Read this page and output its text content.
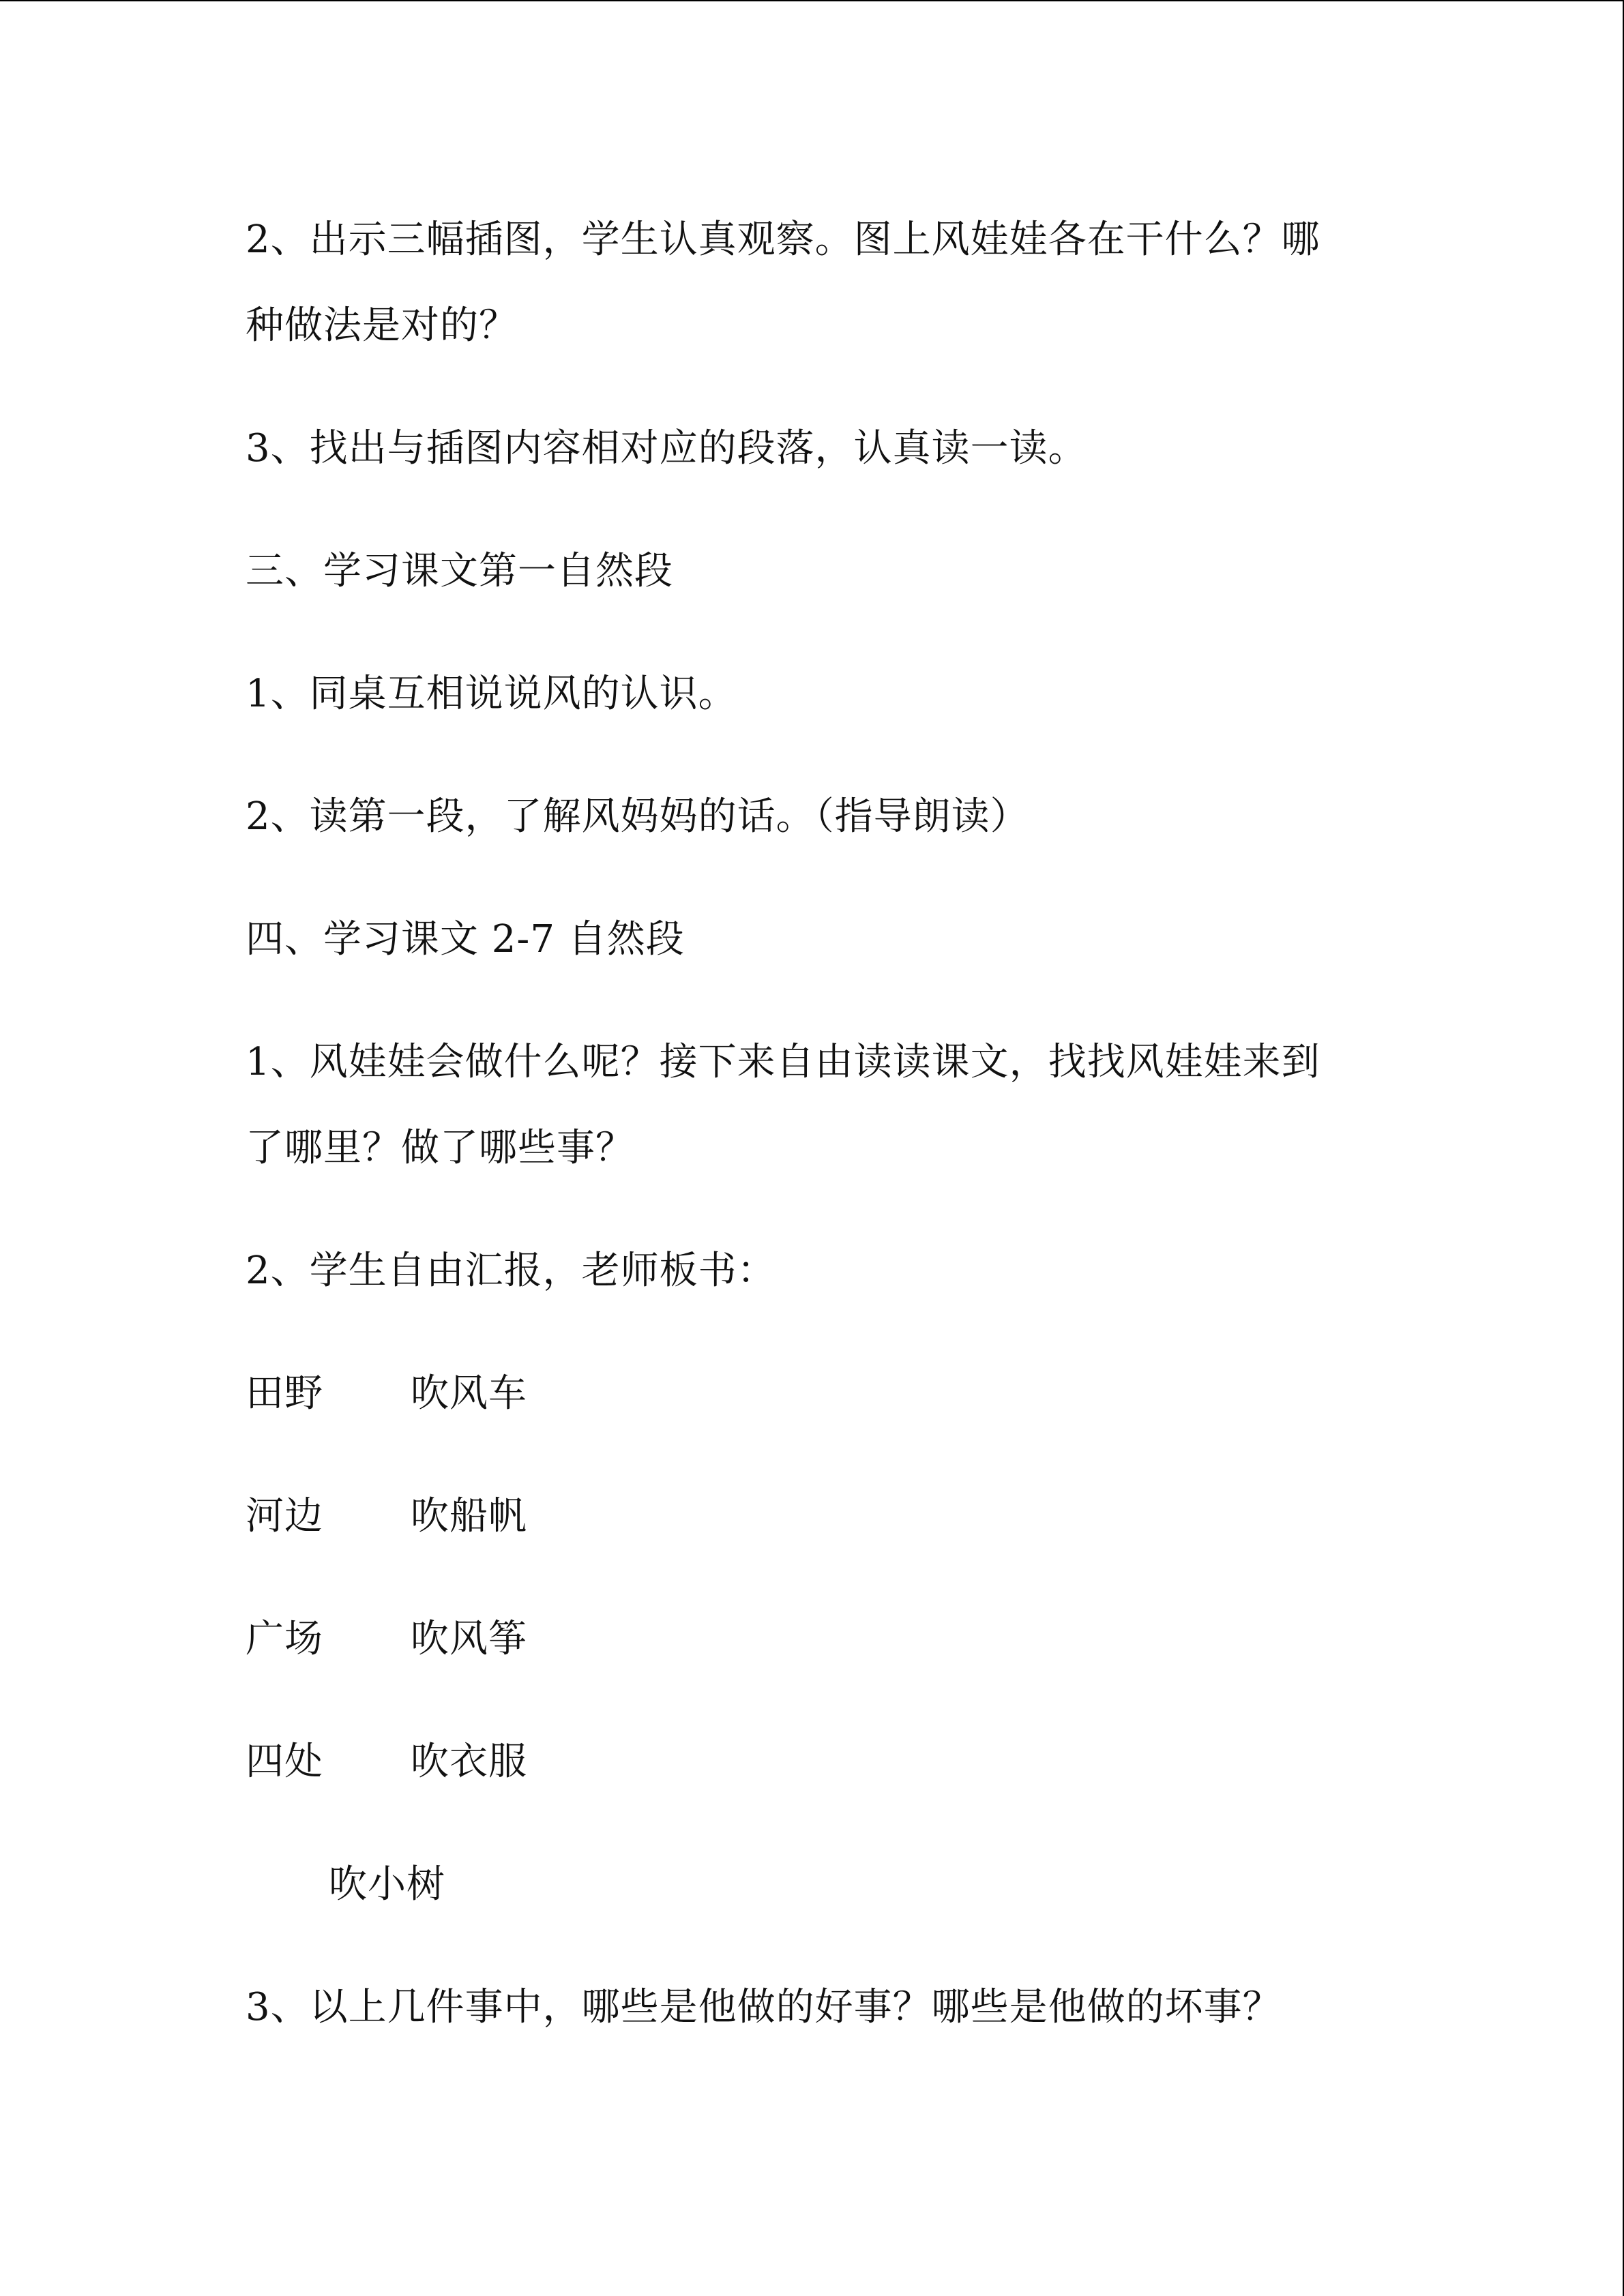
2、出示三幅插图，学生认真观察。图上风娃娃各在干什么？哪
种做法是对的？
3、找出与插图内容相对应的段落，认真读一读。
三、学习课文第一自然段
1、同桌互相说说风的认识。
2、读第一段，了解风妈妈的话。（指导朗读）
四、学习课文 2-7 自然段
1、风娃娃会做什么呢？接下来自由读读课文，找找风娃娃来到
了哪里？做了哪些事？
2、学生自由汇报，老师板书：
田野 吹风车
河边 吹船帆
广场 吹风筝
四处 吹衣服
吹小树
3、以上几件事中，哪些是他做的好事？哪些是他做的坏事？
